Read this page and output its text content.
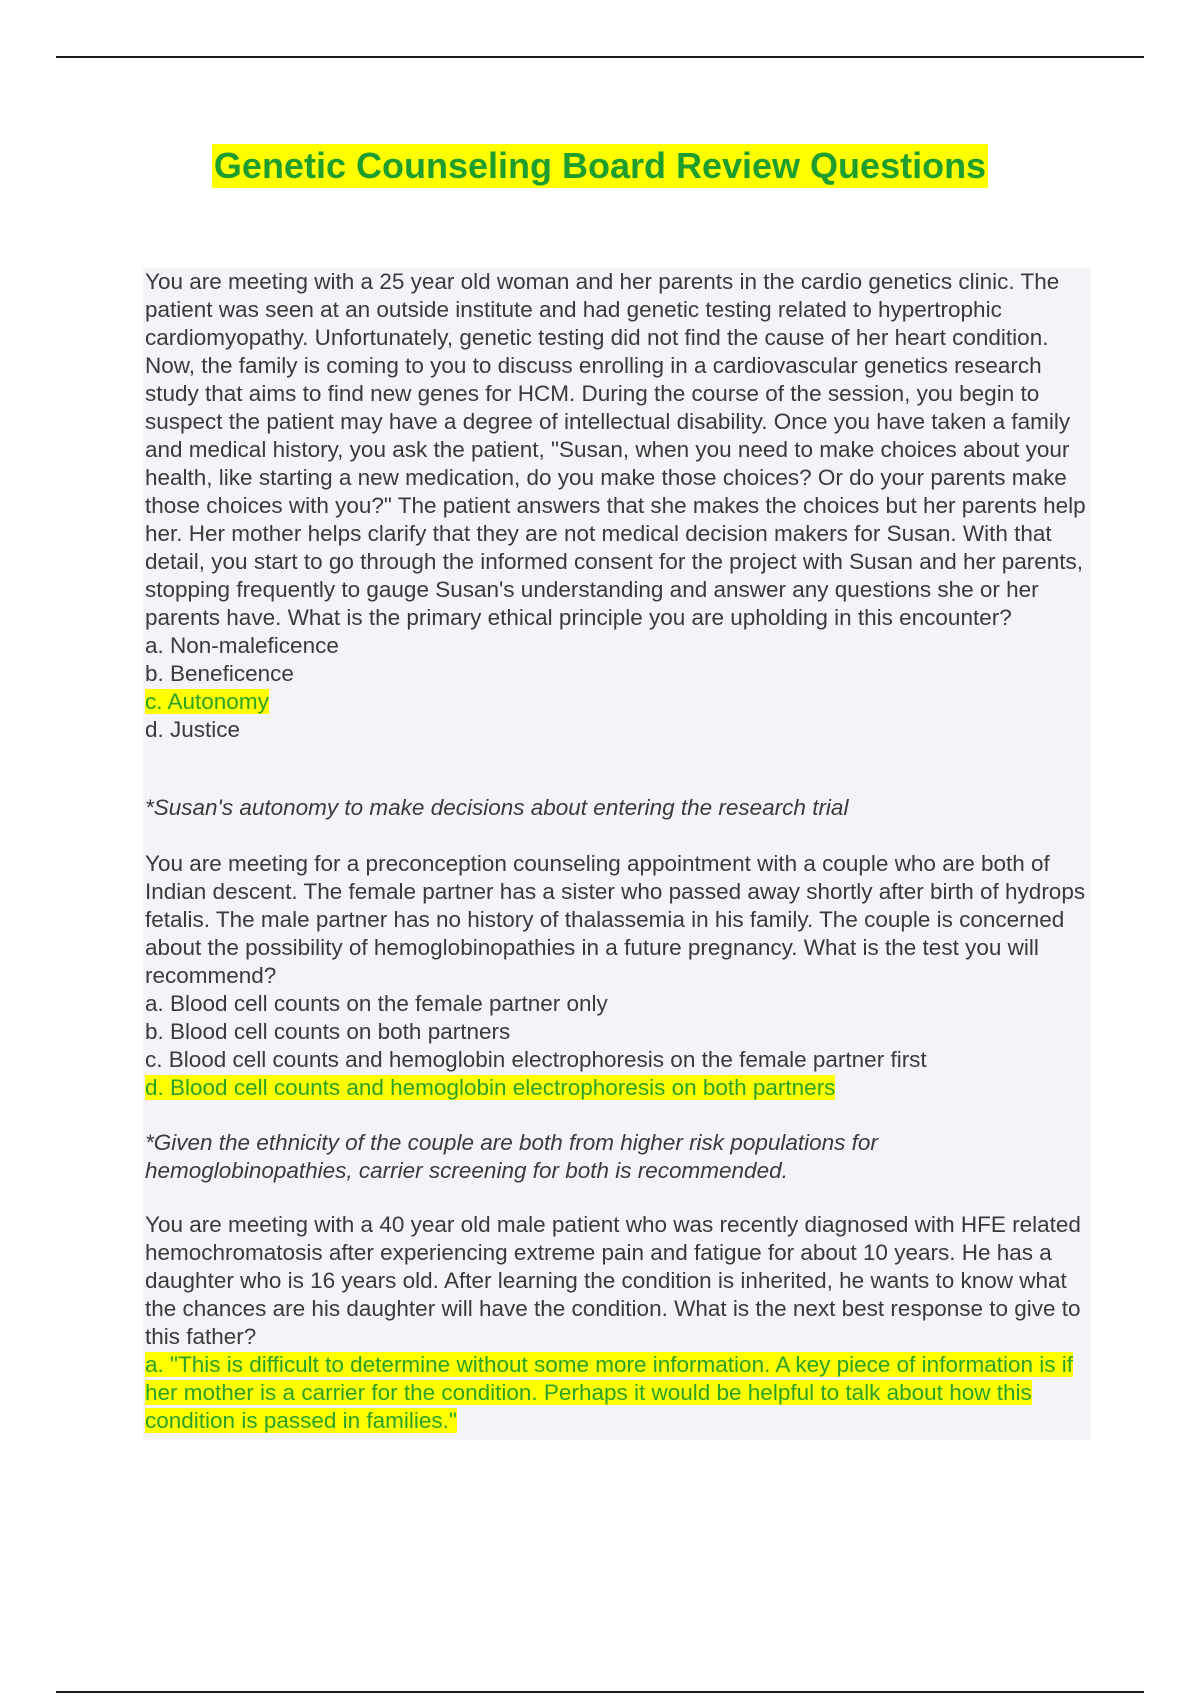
Genetic Counseling Board Review Questions

You are meeting with a 25 year old woman and her parents in the cardio genetics clinic. The patient was seen at an outside institute and had genetic testing related to hypertrophic cardiomyopathy. Unfortunately, genetic testing did not find the cause of her heart condition. Now, the family is coming to you to discuss enrolling in a cardiovascular genetics research study that aims to find new genes for HCM. During the course of the session, you begin to suspect the patient may have a degree of intellectual disability. Once you have taken a family and medical history, you ask the patient, "Susan, when you need to make choices about your health, like starting a new medication, do you make those choices? Or do your parents make those choices with you?" The patient answers that she makes the choices but her parents help her. Her mother helps clarify that they are not medical decision makers for Susan. With that detail, you start to go through the informed consent for the project with Susan and her parents, stopping frequently to gauge Susan's understanding and answer any questions she or her parents have. What is the primary ethical principle you are upholding in this encounter?

a. Non-maleficence

b. Beneficence

c. Autonomy

d. Justice

*Susan's autonomy to make decisions about entering the research trial

You are meeting for a preconception counseling appointment with a couple who are both of Indian descent. The female partner has a sister who passed away shortly after birth of hydrops fetalis. The male partner has no history of thalassemia in his family. The couple is concerned about the possibility of hemoglobinopathies in a future pregnancy. What is the test you will recommend?

a. Blood cell counts on the female partner only

b. Blood cell counts on both partners

c. Blood cell counts and hemoglobin electrophoresis on the female partner first

d. Blood cell counts and hemoglobin electrophoresis on both partners

*Given the ethnicity of the couple are both from higher risk populations for hemoglobinopathies, carrier screening for both is recommended.

You are meeting with a 40 year old male patient who was recently diagnosed with HFE related hemochromatosis after experiencing extreme pain and fatigue for about 10 years. He has a daughter who is 16 years old. After learning the condition is inherited, he wants to know what the chances are his daughter will have the condition. What is the next best response to give to this father?

a. "This is difficult to determine without some more information. A key piece of information is if her mother is a carrier for the condition. Perhaps it would be helpful to talk about how this condition is passed in families."
